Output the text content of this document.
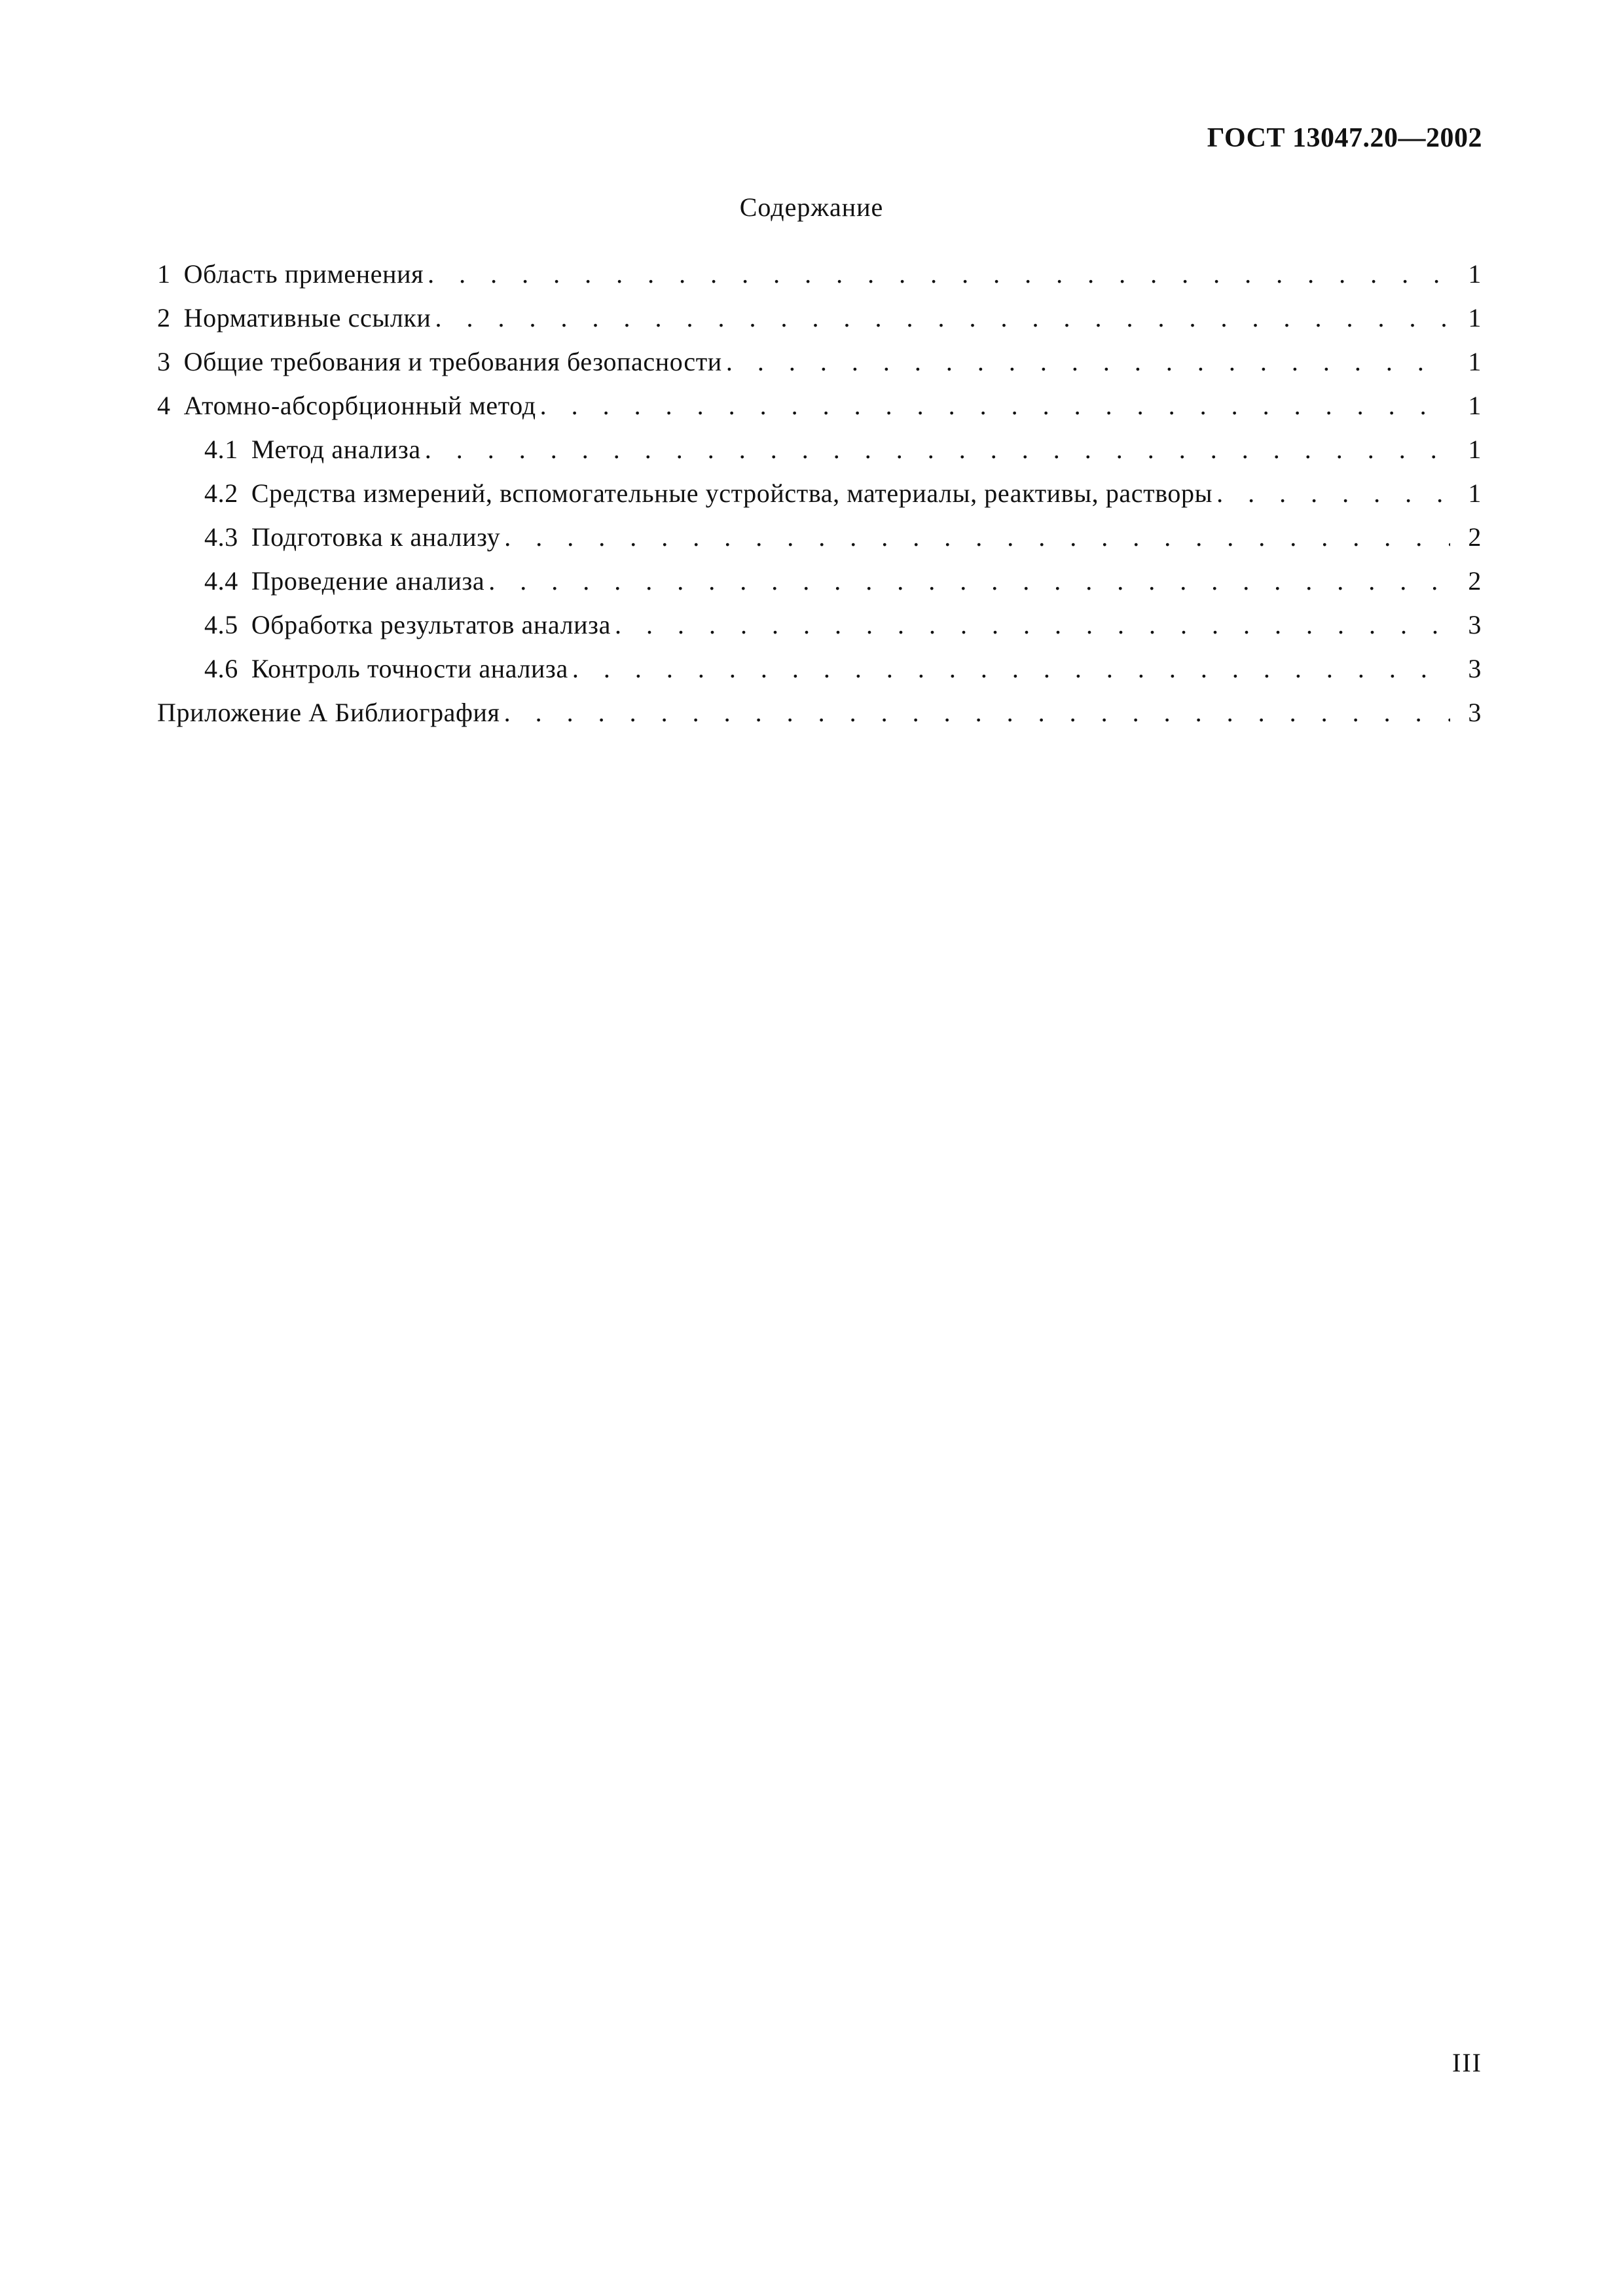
ГОСТ 13047.20—2002
Содержание
1 Область применения . . .	1
2 Нормативные ссылки . . .	1
3 Общие требования и требования безопасности . . .	1
4 Атомно-абсорбционный метод . . .	1
4.1 Метод анализа . . .	1
4.2 Средства измерений, вспомогательные устройства, материалы, реактивы, растворы . . .	1
4.3 Подготовка к анализу . . .	2
4.4 Проведение анализа . . .	2
4.5 Обработка результатов анализа . . .	3
4.6 Контроль точности анализа . . .	3
Приложение А Библиография . . .	3
III
